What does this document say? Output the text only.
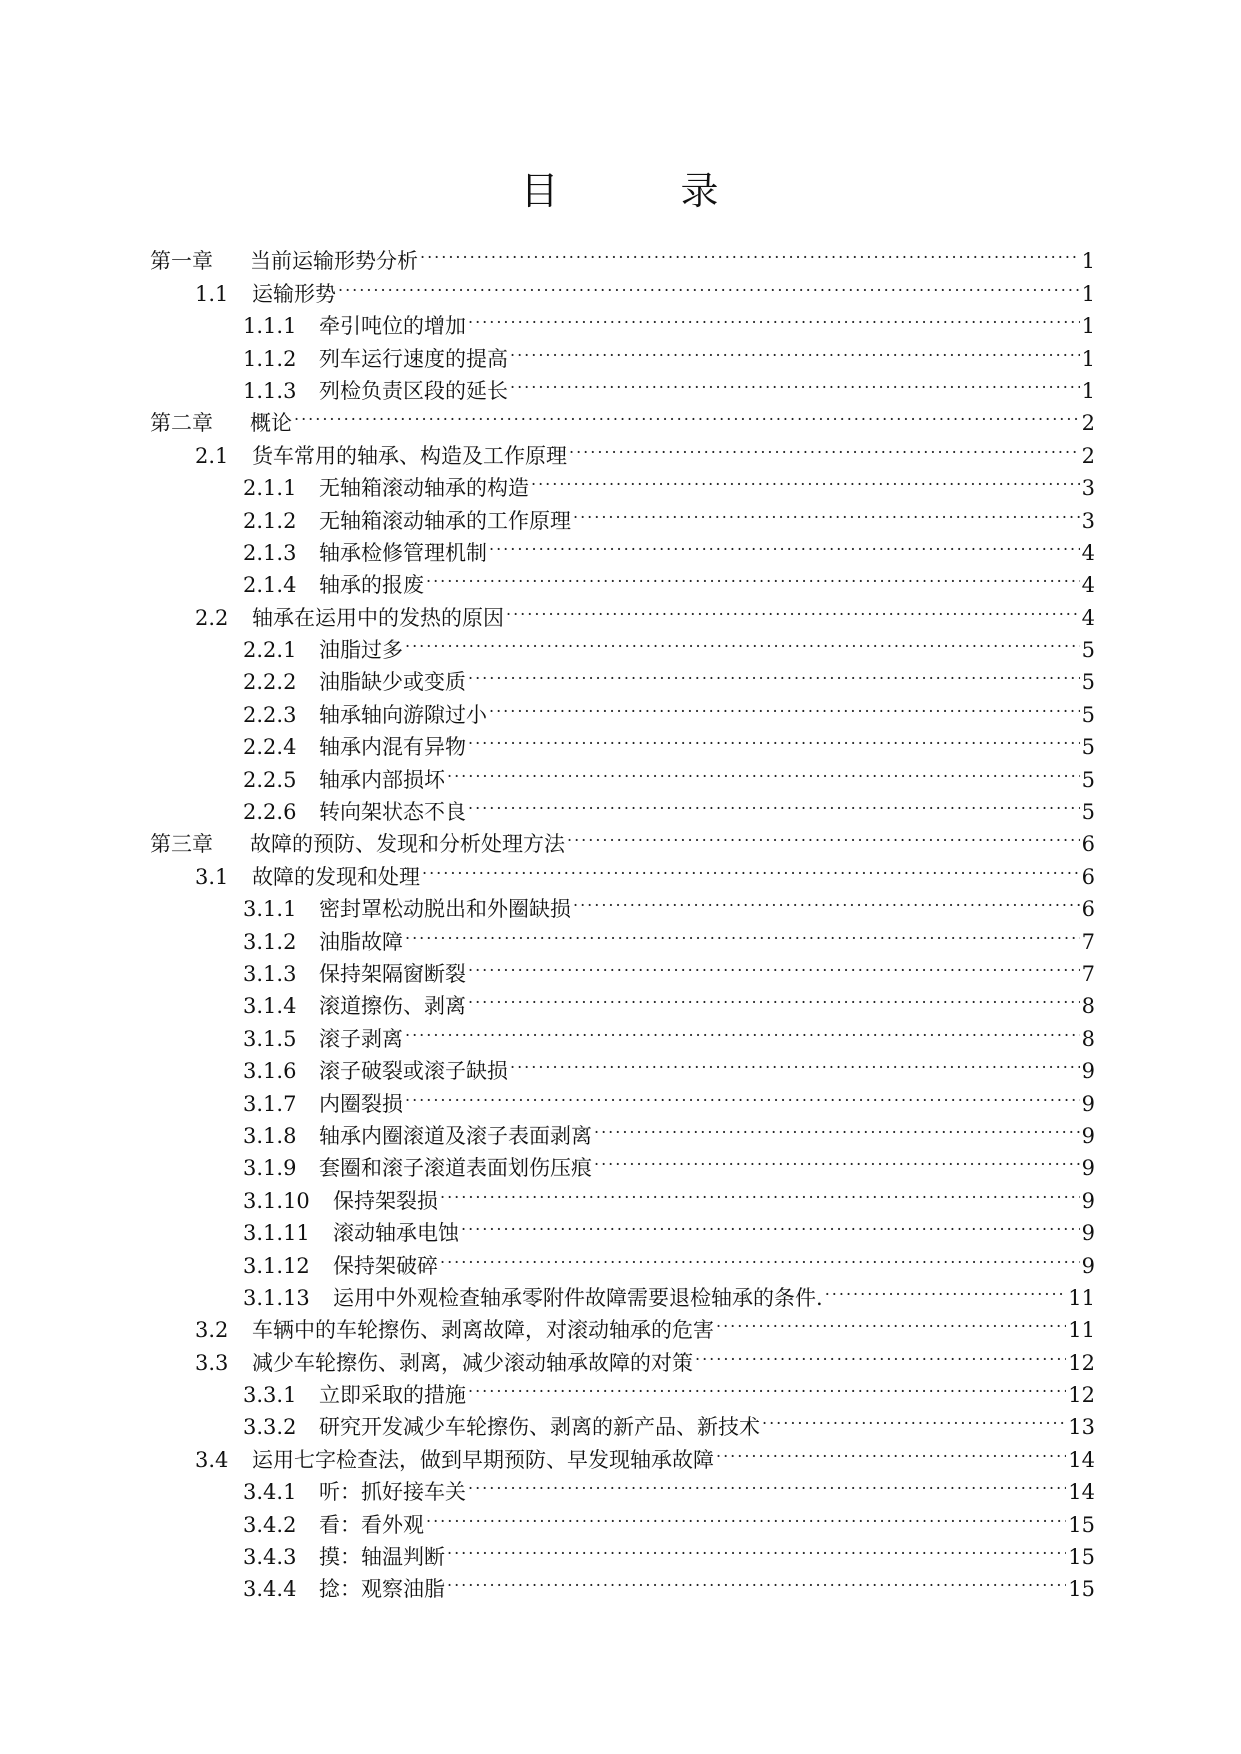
目	录
第一章	当前运输形势分析 .....	1
1.1	运输形势 .....	1
1.1.1	牵引吨位的增加 .....	1
1.1.2	列车运行速度的提高 .....	1
1.1.3	列检负责区段的延长 .....	1
第二章	概论 .....	2
2.1	货车常用的轴承、构造及工作原理 .....	2
2.1.1	无轴箱滚动轴承的构造 .....	3
2.1.2	无轴箱滚动轴承的工作原理 .....	3
2.1.3	轴承检修管理机制 .....	4
2.1.4	轴承的报废 .....	4
2.2	轴承在运用中的发热的原因 .....	4
2.2.1	油脂过多 .....	5
2.2.2	油脂缺少或变质 .....	5
2.2.3	轴承轴向游隙过小 .....	5
2.2.4	轴承内混有异物 .....	5
2.2.5	轴承内部损坏 .....	5
2.2.6	转向架状态不良 .....	5
第三章	故障的预防、发现和分析处理方法 .....	6
3.1	故障的发现和处理 .....	6
3.1.1	密封罩松动脱出和外圈缺损 .....	6
3.1.2	油脂故障 .....	7
3.1.3	保持架隔窗断裂 .....	7
3.1.4	滚道擦伤、剥离 .....	8
3.1.5	滚子剥离 .....	8
3.1.6	滚子破裂或滚子缺损 .....	9
3.1.7	内圈裂损 .....	9
3.1.8	轴承内圈滚道及滚子表面剥离 .....	9
3.1.9	套圈和滚子滚道表面划伤压痕 .....	9
3.1.10	保持架裂损 .....	9
3.1.11	滚动轴承电蚀 .....	9
3.1.12	保持架破碎 .....	9
3.1.13	运用中外观检查轴承零附件故障需要退检轴承的条件. .....	11
3.2	车辆中的车轮擦伤、剥离故障，对滚动轴承的危害 .....	11
3.3	减少车轮擦伤、剥离，减少滚动轴承故障的对策 .....	12
3.3.1	立即采取的措施 .....	12
3.3.2	研究开发减少车轮擦伤、剥离的新产品、新技术 .....	13
3.4	运用七字检查法，做到早期预防、早发现轴承故障 .....	14
3.4.1	听：抓好接车关 .....	14
3.4.2	看：看外观 .....	15
3.4.3	摸：轴温判断 .....	15
3.4.4	捻：观察油脂 .....	15
